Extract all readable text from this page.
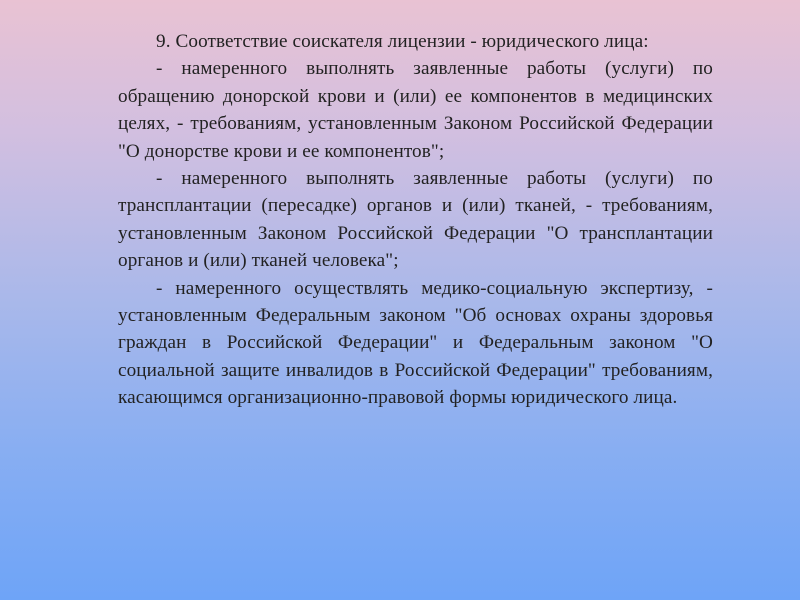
9. Соответствие соискателя лицензии - юридического лица:

- намеренного выполнять заявленные работы (услуги) по обращению донорской крови и (или) ее компонентов в медицинских целях, - требованиям, установленным Законом Российской Федерации "О донорстве крови и ее компонентов";

- намеренного выполнять заявленные работы (услуги) по трансплантации (пересадке) органов и (или) тканей, - требованиям, установленным Законом Российской Федерации "О трансплантации органов и (или) тканей человека";

- намеренного осуществлять медико-социальную экспертизу, - установленным Федеральным законом "Об основах охраны здоровья граждан в Российской Федерации" и Федеральным законом "О социальной защите инвалидов в Российской Федерации" требованиям, касающимся организационно-правовой формы юридического лица.
